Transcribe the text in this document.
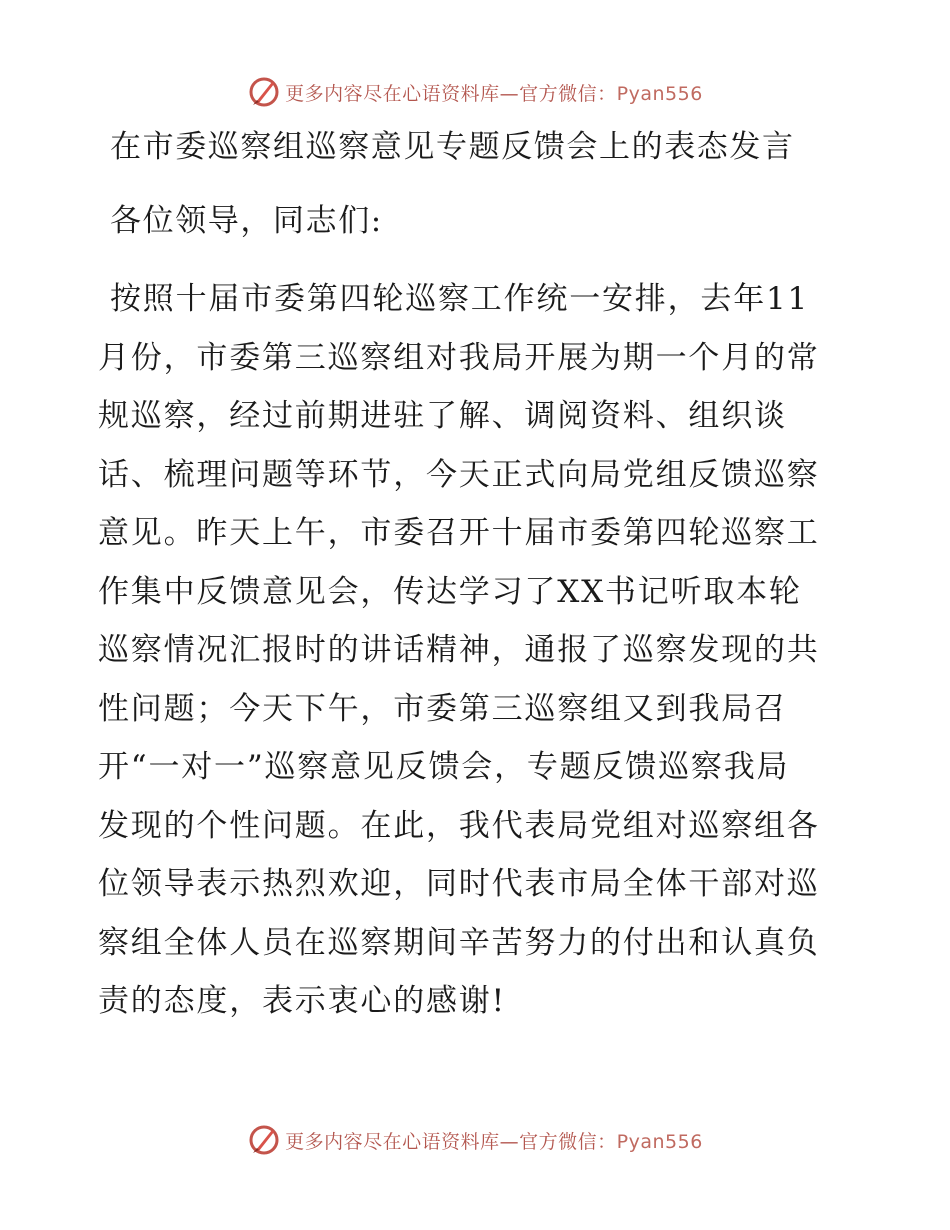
更多内容尽在心语资料库—官方微信：Pyan556
在市委巡察组巡察意见专题反馈会上的表态发言
各位领导，同志们:
按照十届市委第四轮巡察工作统一安排，去年11
月份，市委第三巡察组对我局开展为期一个月的常
规巡察，经过前期进驻了解、调阅资料、组织谈
话、梳理问题等环节，今天正式向局党组反馈巡察
意见。昨天上午，市委召开十届市委第四轮巡察工
作集中反馈意见会，传达学习了XX书记听取本轮
巡察情况汇报时的讲话精神，通报了巡察发现的共
性问题；今天下午，市委第三巡察组又到我局召
开“一对一”巡察意见反馈会，专题反馈巡察我局
发现的个性问题。在此，我代表局党组对巡察组各
位领导表示热烈欢迎，同时代表市局全体干部对巡
察组全体人员在巡察期间辛苦努力的付出和认真负
责的态度，表示衷心的感谢!
更多内容尽在心语资料库—官方微信：Pyan556
